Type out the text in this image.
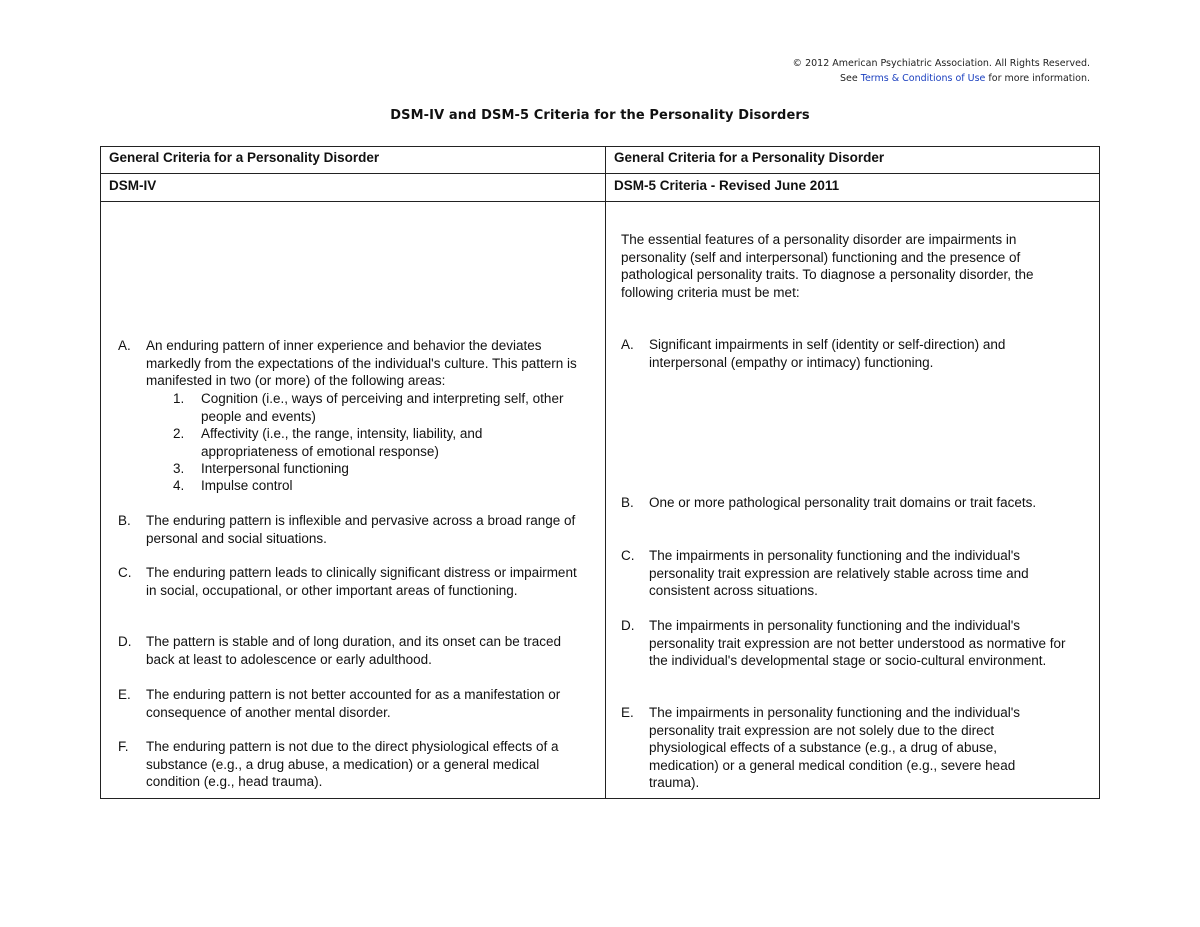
© 2012 American Psychiatric Association. All Rights Reserved.
See Terms & Conditions of Use for more information.
DSM-IV and DSM-5 Criteria for the Personality Disorders
General Criteria for a Personality Disorder	General Criteria for a Personality Disorder
DSM-IV	DSM-5 Criteria - Revised June 2011
A. An enduring pattern of inner experience and behavior the deviates markedly from the expectations of the individual's culture. This pattern is manifested in two (or more) of the following areas:
1. Cognition (i.e., ways of perceiving and interpreting self, other people and events)
2. Affectivity (i.e., the range, intensity, liability, and appropriateness of emotional response)
3. Interpersonal functioning
4. Impulse control
B. The enduring pattern is inflexible and pervasive across a broad range of personal and social situations.
C. The enduring pattern leads to clinically significant distress or impairment in social, occupational, or other important areas of functioning.
D. The pattern is stable and of long duration, and its onset can be traced back at least to adolescence or early adulthood.
E. The enduring pattern is not better accounted for as a manifestation or consequence of another mental disorder.
F. The enduring pattern is not due to the direct physiological effects of a substance (e.g., a drug abuse, a medication) or a general medical condition (e.g., head trauma).
The essential features of a personality disorder are impairments in personality (self and interpersonal) functioning and the presence of pathological personality traits. To diagnose a personality disorder, the following criteria must be met:
A. Significant impairments in self (identity or self-direction) and interpersonal (empathy or intimacy) functioning.
B. One or more pathological personality trait domains or trait facets.
C. The impairments in personality functioning and the individual's personality trait expression are relatively stable across time and consistent across situations.
D. The impairments in personality functioning and the individual's personality trait expression are not better understood as normative for the individual's developmental stage or socio-cultural environment.
E. The impairments in personality functioning and the individual's personality trait expression are not solely due to the direct physiological effects of a substance (e.g., a drug of abuse, medication) or a general medical condition (e.g., severe head trauma).
